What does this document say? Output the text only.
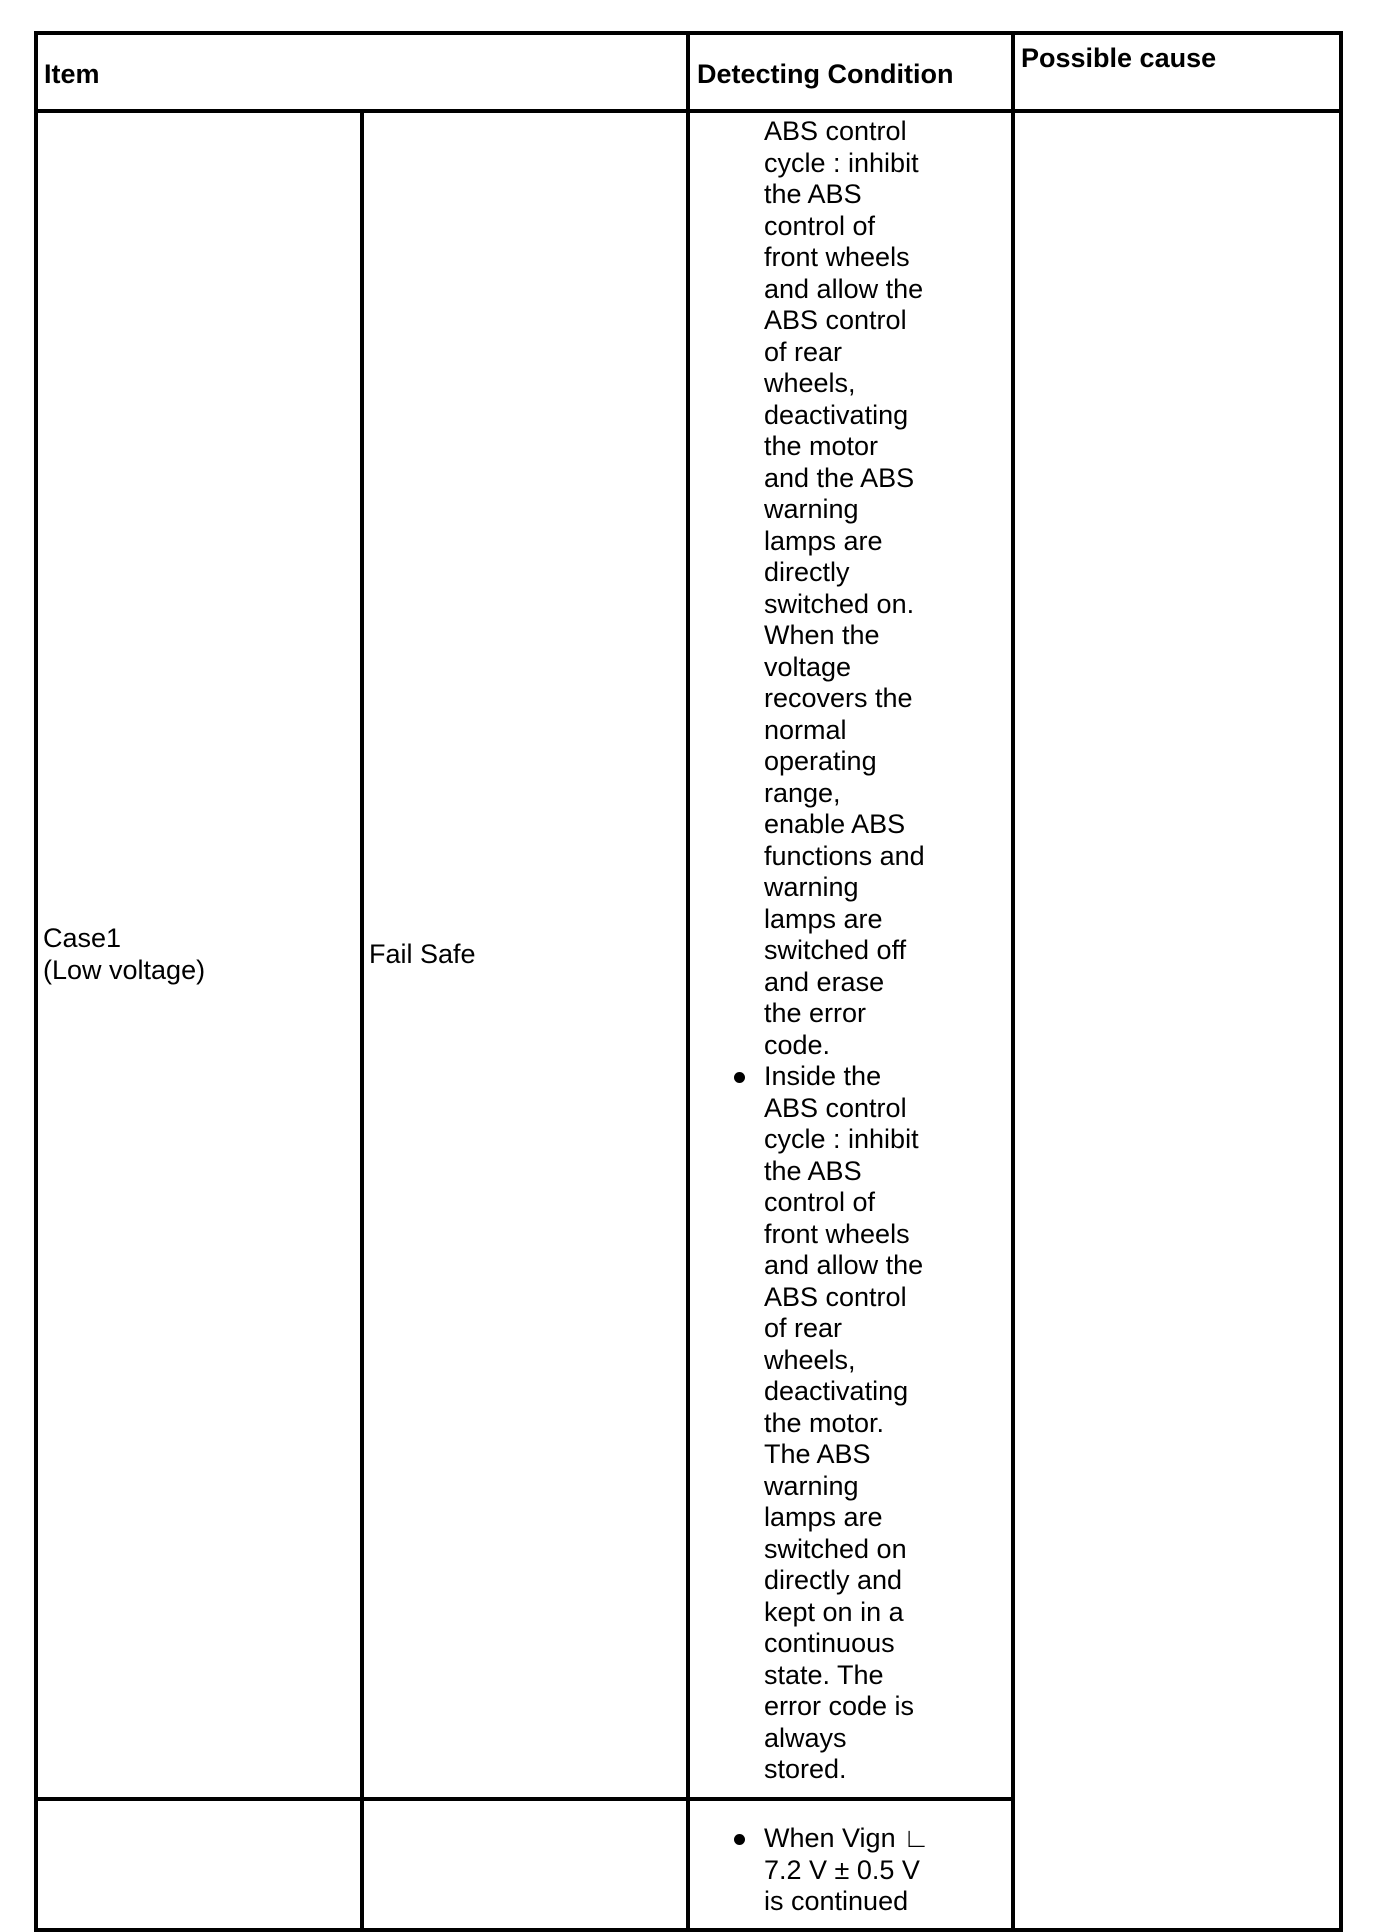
Item	Detecting Condition
Possible cause
Case1
(Low voltage)
Fail Safe
ABS control
cycle : inhibit
the ABS
control of
front wheels
and allow the
ABS control
of rear
wheels,
deactivating
the motor
and the ABS
warning
lamps are
directly
switched on.
When the
voltage
recovers the
normal
operating
range,
enable ABS
functions and
warning
lamps are
switched off
and erase
the error
code.
Inside the
ABS control
cycle : inhibit
the ABS
control of
front wheels
and allow the
ABS control
of rear
wheels,
deactivating
the motor.
The ABS
warning
lamps are
switched on
directly and
kept on in a
continuous
state. The
error code is
always
stored.
When Vign ∟
7.2 V ± 0.5 V
is continued
